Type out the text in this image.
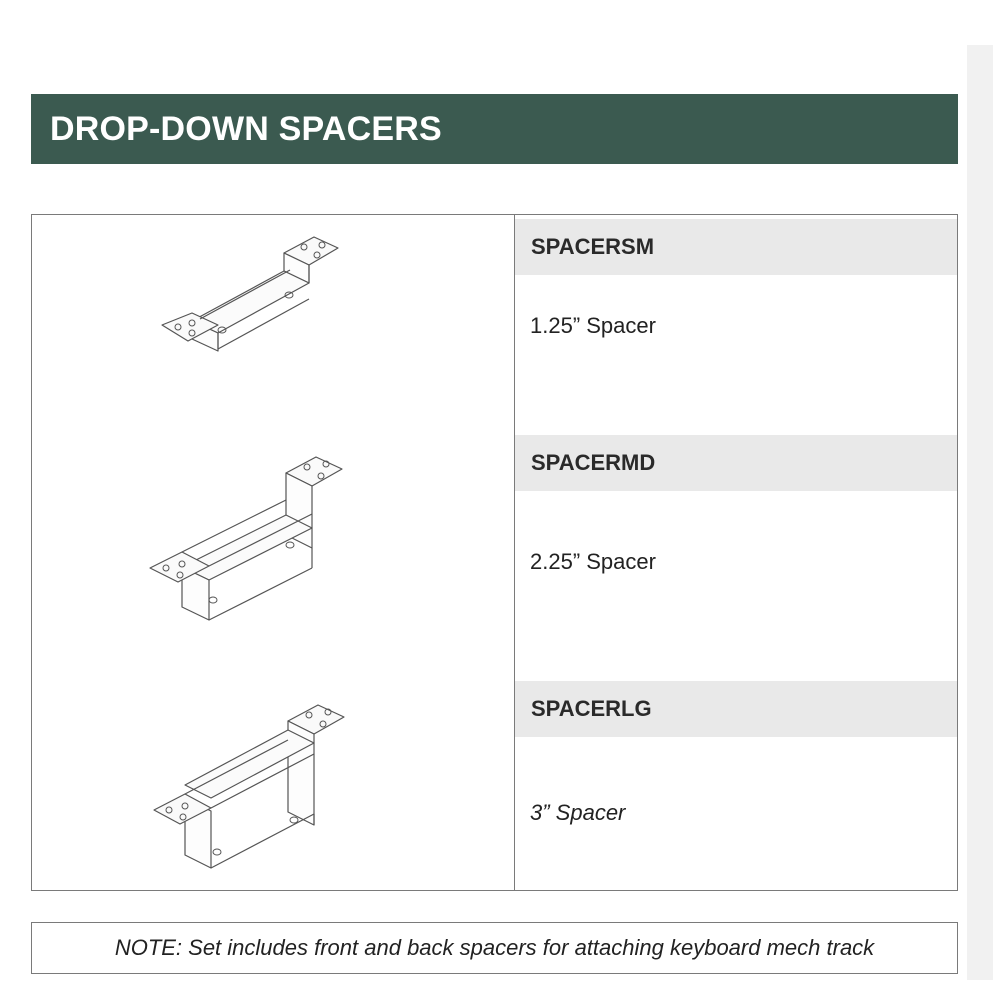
DROP-DOWN SPACERS
SPACERSM
1.25” Spacer
SPACERMD
2.25” Spacer
SPACERLG
3” Spacer
NOTE: Set includes front and back spacers for attaching keyboard mech track
